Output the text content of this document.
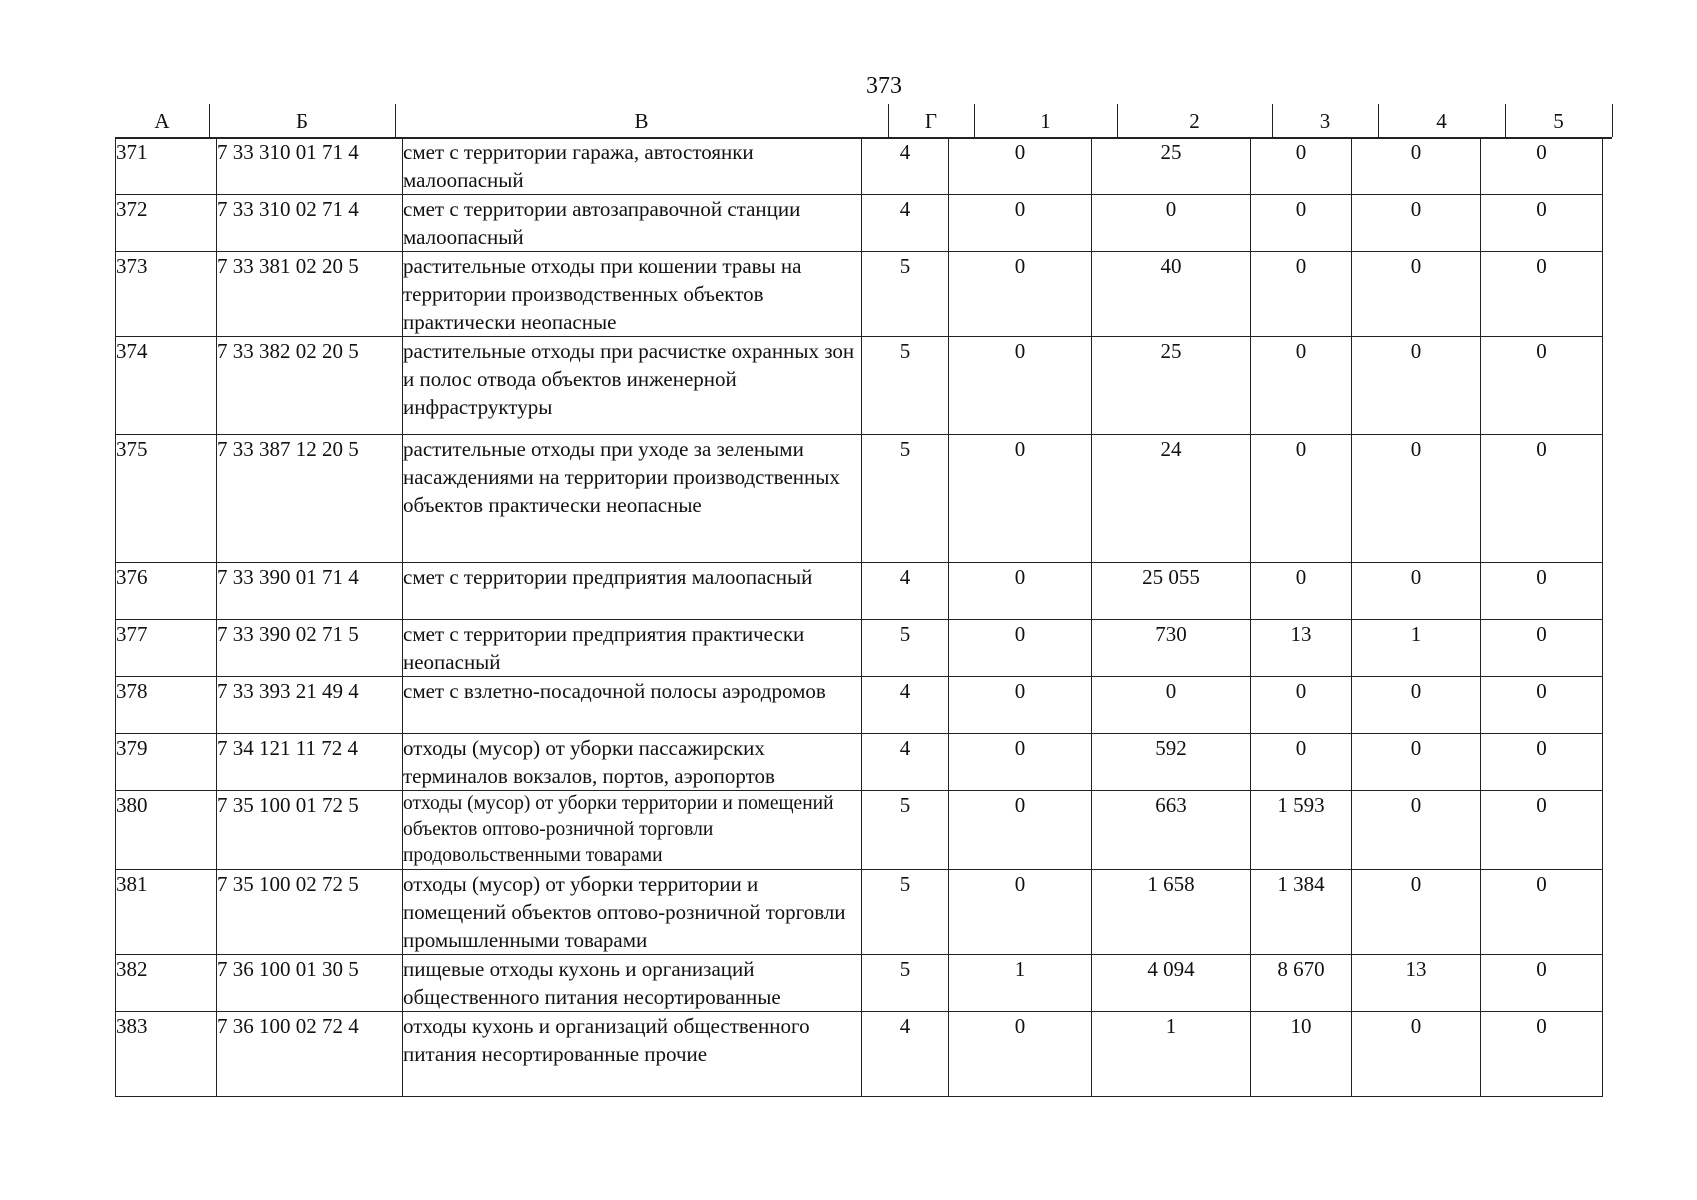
373
А	Б	В	Г	1	2	3	4	5
371	7 33 310 01 71 4	смет с территории гаража, автостоянки малоопасный	4	0	25	0	0	0
372	7 33 310 02 71 4	смет с территории автозаправочной станции малоопасный	4	0	0	0	0	0
373	7 33 381 02 20 5	растительные отходы при кошении травы на территории производственных объектов практически неопасные	5	0	40	0	0	0
374	7 33 382 02 20 5	растительные отходы при расчистке охранных зон и полос отвода объектов инженерной инфраструктуры	5	0	25	0	0	0
375	7 33 387 12 20 5	растительные отходы при уходе за зелеными насаждениями на территории производственных объектов практически неопасные	5	0	24	0	0	0
376	7 33 390 01 71 4	смет с территории предприятия малоопасный	4	0	25 055	0	0	0
377	7 33 390 02 71 5	смет с территории предприятия практически неопасный	5	0	730	13	1	0
378	7 33 393 21 49 4	смет с взлетно-посадочной полосы аэродромов	4	0	0	0	0	0
379	7 34 121 11 72 4	отходы (мусор) от уборки пассажирских терминалов вокзалов, портов, аэропортов	4	0	592	0	0	0
380	7 35 100 01 72 5	отходы (мусор) от уборки территории и помещений объектов оптово-розничной торговли продовольственными товарами	5	0	663	1 593	0	0
381	7 35 100 02 72 5	отходы (мусор) от уборки территории и помещений объектов оптово-розничной торговли промышленными товарами	5	0	1 658	1 384	0	0
382	7 36 100 01 30 5	пищевые отходы кухонь и организаций общественного питания несортированные	5	1	4 094	8 670	13	0
383	7 36 100 02 72 4	отходы кухонь и организаций общественного питания несортированные прочие	4	0	1	10	0	0
